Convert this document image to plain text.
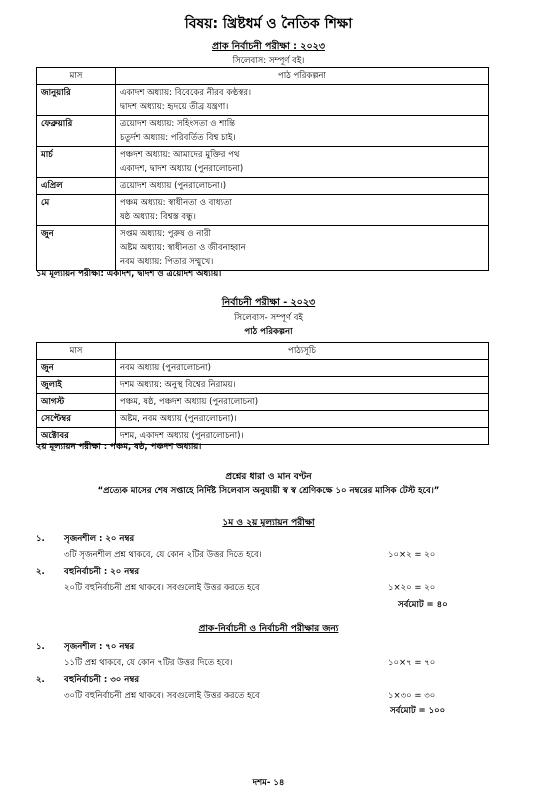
বিষয়: খ্রিষ্টধর্ম ও নৈতিক শিক্ষা
প্রাক নির্বাচনী পরীক্ষা : ২০২৩
সিলেবাস: সম্পূর্ণ বই।
মাস	পাঠ পরিকল্পনা
জানুয়ারি	একাদশ অধ্যায়: বিবেকের নীরব কণ্ঠস্বর।
দ্বাদশ অধ্যায়: হৃদয়ে তীব্র যন্ত্রণা।

ফেব্রুয়ারি	ত্রয়োদশ অধ্যায়: সহিংসতা ও শান্তি
চতুর্দশ অধ্যায়: পরিবর্তিত বিশ্ব চাই।

মার্চ	পঞ্চদশ অধ্যায়: আমাদের মুক্তির পথ
একাদশ, দ্বাদশ অধ্যায় (পুনরালোচনা)

এপ্রিল	ত্রয়োদশ অধ্যায় (পুনরালোচনা।)

মে	পঞ্চম অধ্যায়: স্বাধীনতা ও বাধ্যতা
ষষ্ঠ অধ্যায়: বিশ্বস্ত বন্ধু।

জুন	সপ্তম অধ্যায়: পুরুষ ও নারী
অষ্টম অধ্যায়: স্বাধীনতা ও জীবনাহ্বান
নবম অধ্যায়: পিতার সম্মুখে।
১ম মূল্যায়ন পরীক্ষা: একাদশ, দ্বাদশ ও ত্রয়োদশ অধ্যায়।
নির্বাচনী পরীক্ষা - ২০২৩
সিলেবাস- সম্পূর্ণ বই
পাঠ পরিকল্পনা
মাস	পাঠ্যসূচি
জুন	নবম অধ্যায় (পুনরালোচনা)

জুলাই	দশম অধ্যায়: অনুস্থ বিশ্বের নিরাময়।

আগস্ট	পঞ্চম, ষষ্ঠ, পঞ্চদশ অধ্যায় (পুনরালোচনা)

সেপ্টেম্বর	অষ্টম, নবম অধ্যায় (পুনরালোচনা)।

অক্টোবর	দশম, একাদশ অধ্যায় (পুনরালোচনা)।
২য় মূল্যায়ন পরীক্ষা : পঞ্চম, ষষ্ঠ, পঞ্চদশ অধ্যায়।
প্রশ্নের ধারা ও মান বণ্টন
“প্রত্যেক মাসের শেষ সপ্তাহে নির্দিষ্ট সিলেবাস অনুযায়ী স্ব স্ব শ্রেণিকক্ষে ১০ নম্বরের মাসিক টেস্ট হবে।”
১ম ও ২য় মূল্যায়ন পরীক্ষা
১. সৃজনশীল : ২০ নম্বর
৩টি সৃজনশীল প্রশ্ন থাকবে, যে কোন ২টির উত্তর দিতে হবে।	১০×২ = ২০
২. বহুনির্বাচনী : ২০ নম্বর
২০টি বহুনির্বাচনী প্রশ্ন থাকবে। সবগুলোই উত্তর করতে হবে	১×২০ = ২০
সর্বমোট = ৪০
প্রাক-নির্বাচনী ও নির্বাচনী পরীক্ষার জন্য
১. সৃজনশীল : ৭০ নম্বর
১১টি প্রশ্ন থাকবে, যে কোন ৭টির উত্তর দিতে হবে।	১০×৭ = ৭০
২. বহুনির্বাচনী : ৩০ নম্বর
৩০টি বহুনির্বাচনী প্রশ্ন থাকবে। সবগুলোই উত্তর করতে হবে	১×৩০ = ৩০
সর্বমোট = ১০০
দশম- ১৪
